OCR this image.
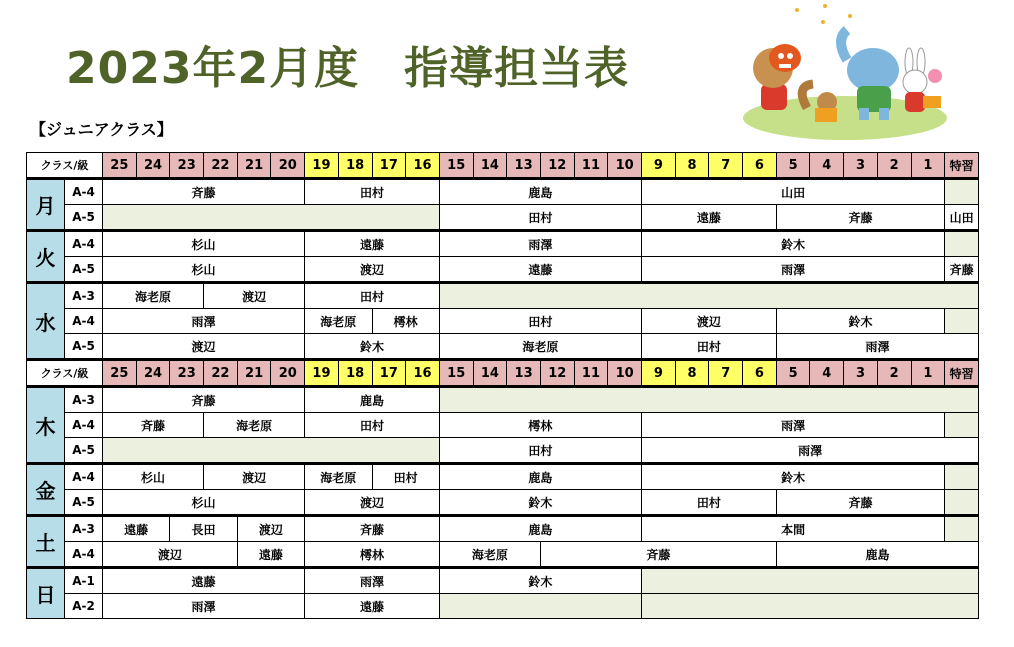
2023年2月度　指導担当表
【ジュニアクラス】
クラス/級		25	24	23	22	21	20	19	18	17	16	15	14	13	12	11	10	9	8	7	6	5	4	3	2	1	特習
月	A-4	斉藤						田村				鹿島						山田									
	A-5											田村						遠藤				斉藤					山田
火	A-4	杉山						遠藤				雨澤						鈴木									
	A-5	杉山						渡辺				遠藤						雨澤									斉藤
水	A-3	海老原			渡辺			田村																			
	A-4	雨澤						海老原		樗林		田村						渡辺				鈴木					
	A-5	渡辺						鈴木				海老原						田村				雨澤					
クラス/級		25	24	23	22	21	20	19	18	17	16	15	14	13	12	11	10	9	8	7	6	5	4	3	2	1	特習
木	A-3	斉藤						鹿島																			
	A-4	斉藤			海老原			田村				樗林						雨澤									
	A-5											田村						雨澤									
金	A-4	杉山			渡辺			海老原		田村		鹿島						鈴木									
	A-5	杉山						渡辺				鈴木						田村				斉藤					
土	A-3	遠藤		長田		渡辺		斉藤				鹿島						本間									
	A-4	渡辺				遠藤		樗林				海老原			斉藤							鹿島					
日	A-1	遠藤						雨澤				鈴木															
	A-2	雨澤						遠藤																			
